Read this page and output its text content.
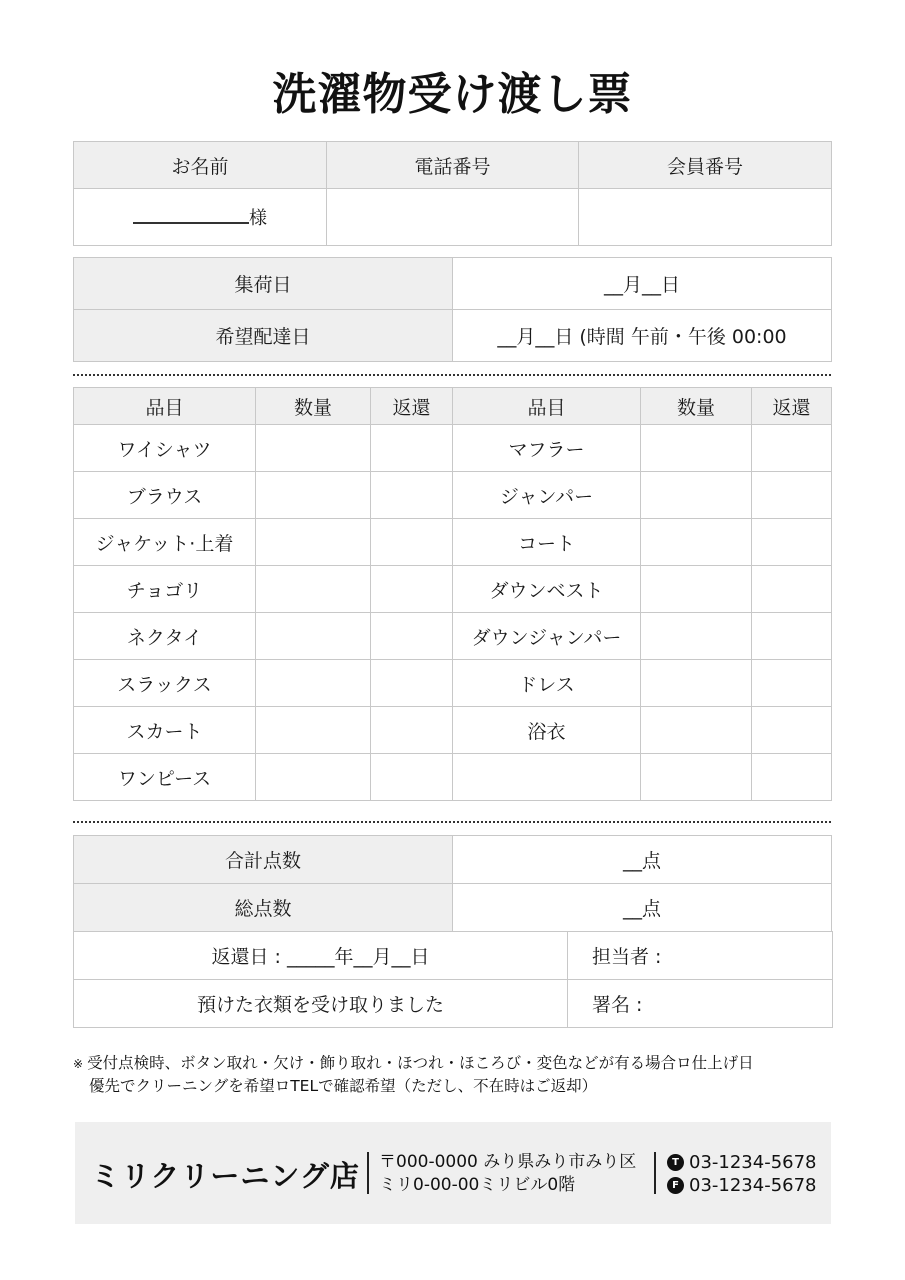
洗濯物受け渡し票
お名前	電話番号	会員番号
様		
集荷日	__月__日
希望配達日	__月__日 (時間 午前・午後 00:00
品目	数量	返還	品目	数量	返還
ワイシャツ			マフラー		
ブラウス			ジャンパー		
ジャケット·上着			コート		
チョゴリ			ダウンベスト		
ネクタイ			ダウンジャンパー		
スラックス			ドレス		
スカート			浴衣		
ワンピース					
合計点数	__点
総点数	__点
返還日 : _____年__月__日	担当者 :
預けた衣類を受け取りました	署名 :
※ 受付点検時、ボタン取れ・欠け・飾り取れ・ほつれ・ほころび・変色などが有る場合ロ仕上げ日
優先でクリーニングを希望ロTELで確認希望（ただし、不在時はご返却）
ミリクリーニング店 〒000-0000 みり県みり市みり区
ミリ0-00-00ミリビル0階
T 03-1234-5678
F 03-1234-5678
